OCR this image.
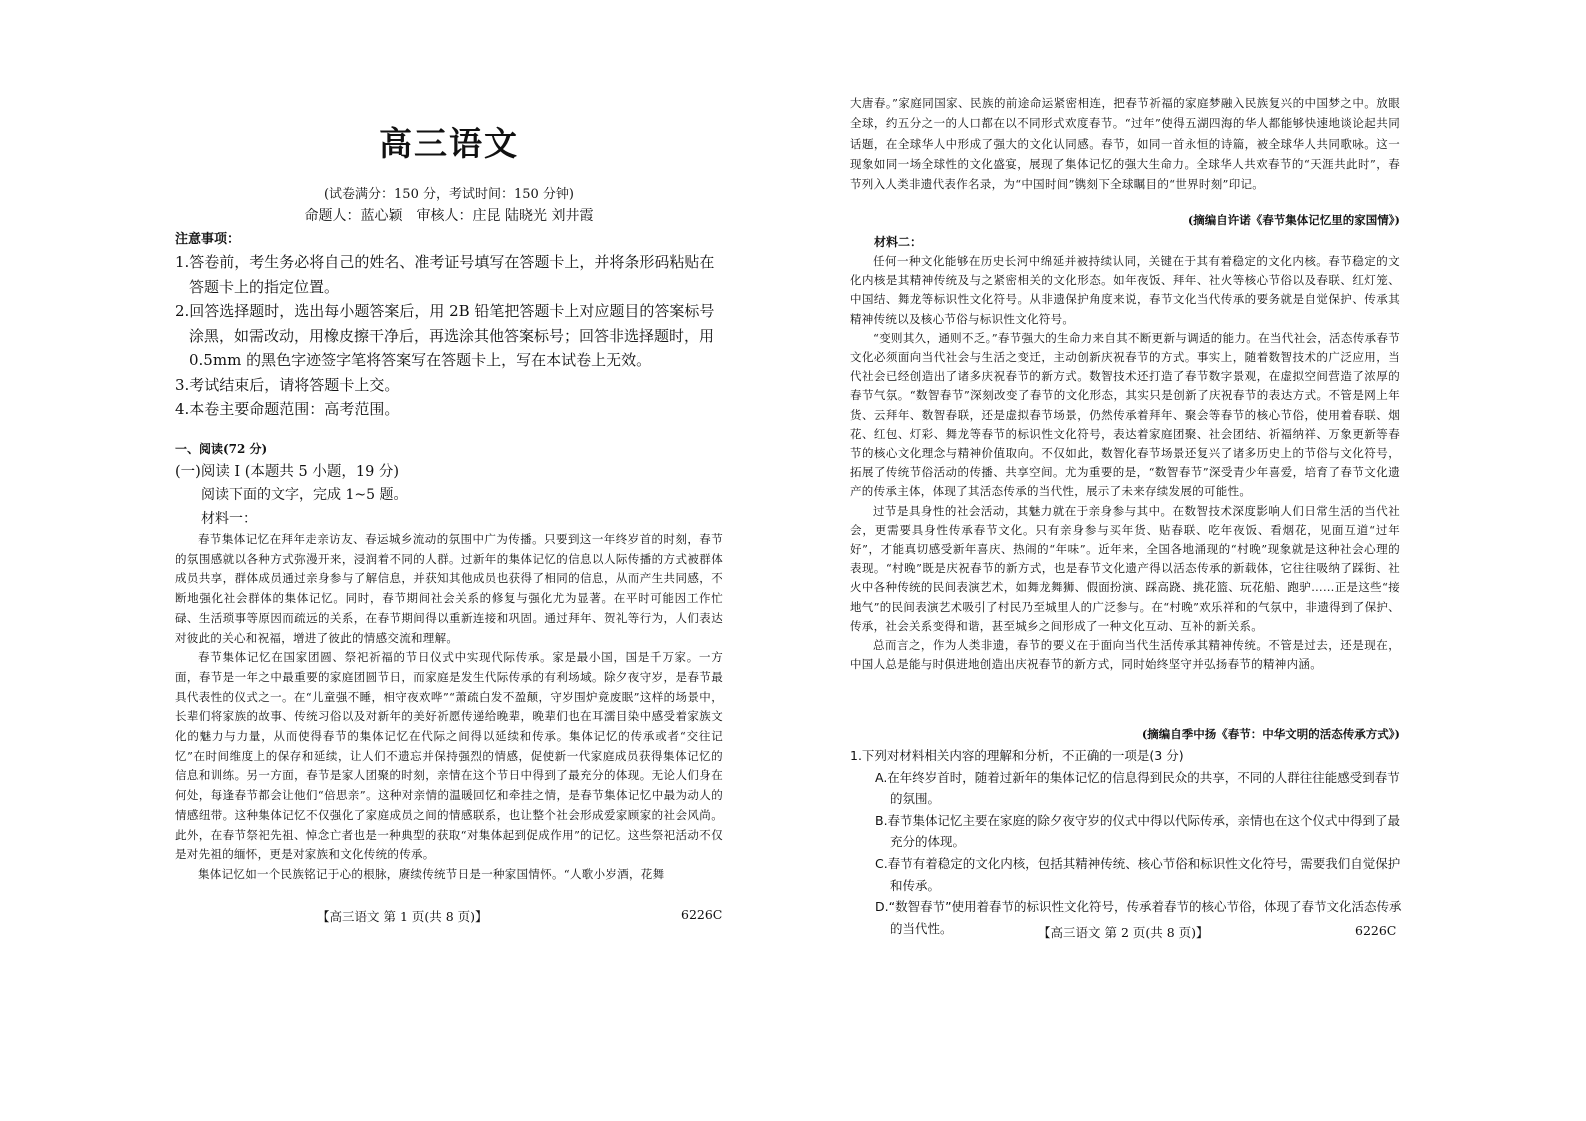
高三语文
(试卷满分：150 分，考试时间：150 分钟)
命题人：蓝心颖　审核人：庄昆 陆晓光 刘井霞
注意事项：
1.答卷前，考生务必将自己的姓名、准考证号填写在答题卡上，并将条形码粘贴在答题卡上的指定位置。
2.回答选择题时，选出每小题答案后，用 2B 铅笔把答题卡上对应题目的答案标号涂黑，如需改动，用橡皮擦干净后，再选涂其他答案标号；回答非选择题时，用 0.5mm 的黑色字迹签字笔将答案写在答题卡上，写在本试卷上无效。
3.考试结束后，请将答题卡上交。
4.本卷主要命题范围：高考范围。
一、阅读(72 分)
(一)阅读 I (本题共 5 小题，19 分)
阅读下面的文字，完成 1~5 题。
材料一：

春节集体记忆在拜年走亲访友、春运城乡流动的氛围中广为传播。只要到这一年终岁首的时刻，春节的氛围感就以各种方式弥漫开来，浸润着不同的人群。过新年的集体记忆的信息以人际传播的方式被群体成员共享，群体成员通过亲身参与了解信息，并获知其他成员也获得了相同的信息，从而产生共同感，不断地强化社会群体的集体记忆。同时，春节期间社会关系的修复与强化尤为显著。在平时可能因工作忙碌、生活琐事等原因而疏远的关系，在春节期间得以重新连接和巩固。通过拜年、贺礼等行为，人们表达对彼此的关心和祝福，增进了彼此的情感交流和理解。

春节集体记忆在国家团圆、祭祀祈福的节日仪式中实现代际传承。家是最小国，国是千万家。一方面，春节是一年之中最重要的家庭团圆节日，而家庭是发生代际传承的有利场域。除夕夜守岁，是春节最具代表性的仪式之一。在“儿童强不睡，相守夜欢哗”“萧疏白发不盈颠，守岁围炉竟废眠”这样的场景中，长辈们将家族的故事、传统习俗以及对新年的美好祈愿传递给晚辈，晚辈们也在耳濡目染中感受着家族文化的魅力与力量，从而使得春节的集体记忆在代际之间得以延续和传承。集体记忆的传承或者“交往记忆”在时间维度上的保存和延续，让人们不遗忘并保持强烈的情感，促使新一代家庭成员获得集体记忆的信息和训练。另一方面，春节是家人团聚的时刻，亲情在这个节日中得到了最充分的体现。无论人们身在何处，每逢春节都会让他们“倍思亲”。这种对亲情的温暖回忆和牵挂之情，是春节集体记忆中最为动人的情感纽带。这种集体记忆不仅强化了家庭成员之间的情感联系，也让整个社会形成爱家顾家的社会风尚。此外，在春节祭祀先祖、悼念亡者也是一种典型的获取“对集体起到促成作用”的记忆。这些祭祀活动不仅是对先祖的缅怀，更是对家族和文化传统的传承。

集体记忆如一个民族铭记于心的根脉，赓续传统节日是一种家国情怀。“人歌小岁酒，花舞

【高三语文 第 1 页(共 8 页)】	6226C

大唐春。”家庭同国家、民族的前途命运紧密相连，把春节祈福的家庭梦融入民族复兴的中国梦之中。放眼全球，约五分之一的人口都在以不同形式欢度春节。“过年”使得五湖四海的华人都能够快速地谈论起共同话题，在全球华人中形成了强大的文化认同感。春节，如同一首永恒的诗篇，被全球华人共同歌咏。这一现象如同一场全球性的文化盛宴，展现了集体记忆的强大生命力。全球华人共欢春节的“天涯共此时”，春节列入人类非遗代表作名录，为“中国时间”镌刻下全球瞩目的“世界时刻”印记。

(摘编自许诺《春节集体记忆里的家国情》)
材料二：

任何一种文化能够在历史长河中绵延并被持续认同，关键在于其有着稳定的文化内核。春节稳定的文化内核是其精神传统及与之紧密相关的文化形态。如年夜饭、拜年、社火等核心节俗以及春联、红灯笼、中国结、舞龙等标识性文化符号。从非遗保护角度来说，春节文化当代传承的要务就是自觉保护、传承其精神传统以及核心节俗与标识性文化符号。

“变则其久，通则不乏。”春节强大的生命力来自其不断更新与调适的能力。在当代社会，活态传承春节文化必须面向当代社会与生活之变迁，主动创新庆祝春节的方式。事实上，随着数智技术的广泛应用，当代社会已经创造出了诸多庆祝春节的新方式。数智技术还打造了春节数字景观，在虚拟空间营造了浓厚的春节气氛。“数智春节”深刻改变了春节的文化形态，其实只是创新了庆祝春节的表达方式。不管是网上年货、云拜年、数智春联，还是虚拟春节场景，仍然传承着拜年、聚会等春节的核心节俗，使用着春联、烟花、红包、灯彩、舞龙等春节的标识性文化符号，表达着家庭团聚、社会团结、祈福纳祥、万象更新等春节的核心文化理念与精神价值取向。不仅如此，数智化春节场景还复兴了诸多历史上的节俗与文化符号，拓展了传统节俗活动的传播、共享空间。尤为重要的是，“数智春节”深受青少年喜爱，培育了春节文化遗产的传承主体，体现了其活态传承的当代性，展示了未来存续发展的可能性。

过节是具身性的社会活动，其魅力就在于亲身参与其中。在数智技术深度影响人们日常生活的当代社会，更需要具身性传承春节文化。只有亲身参与买年货、贴春联、吃年夜饭、看烟花，见面互道“过年好”，才能真切感受新年喜庆、热闹的“年味”。近年来，全国各地涌现的“村晚”现象就是这种社会心理的表现。“村晚”既是庆祝春节的新方式，也是春节文化遗产得以活态传承的新载体，它往往吸纳了踩街、社火中各种传统的民间表演艺术，如舞龙舞狮、假面扮演、踩高跷、挑花篮、玩花船、跑驴……正是这些“接地气”的民间表演艺术吸引了村民乃至城里人的广泛参与。在“村晚”欢乐祥和的气氛中，非遗得到了保护、传承，社会关系变得和谐，甚至城乡之间形成了一种文化互动、互补的新关系。

总而言之，作为人类非遗，春节的要义在于面向当代生活传承其精神传统。不管是过去，还是现在，中国人总是能与时俱进地创造出庆祝春节的新方式，同时始终坚守并弘扬春节的精神内涵。

(摘编自季中扬《春节：中华文明的活态传承方式》)

1.下列对材料相关内容的理解和分析，不正确的一项是(3 分)

A.在年终岁首时，随着过新年的集体记忆的信息得到民众的共享，不同的人群往往能感受到春节的氛围。

B.春节集体记忆主要在家庭的除夕夜守岁的仪式中得以代际传承，亲情也在这个仪式中得到了最充分的体现。

C.春节有着稳定的文化内核，包括其精神传统、核心节俗和标识性文化符号，需要我们自觉保护和传承。

D.“数智春节”使用着春节的标识性文化符号，传承着春节的核心节俗，体现了春节文化活态传承的当代性。	【高三语文 第 2 页(共 8 页)】	6226C
